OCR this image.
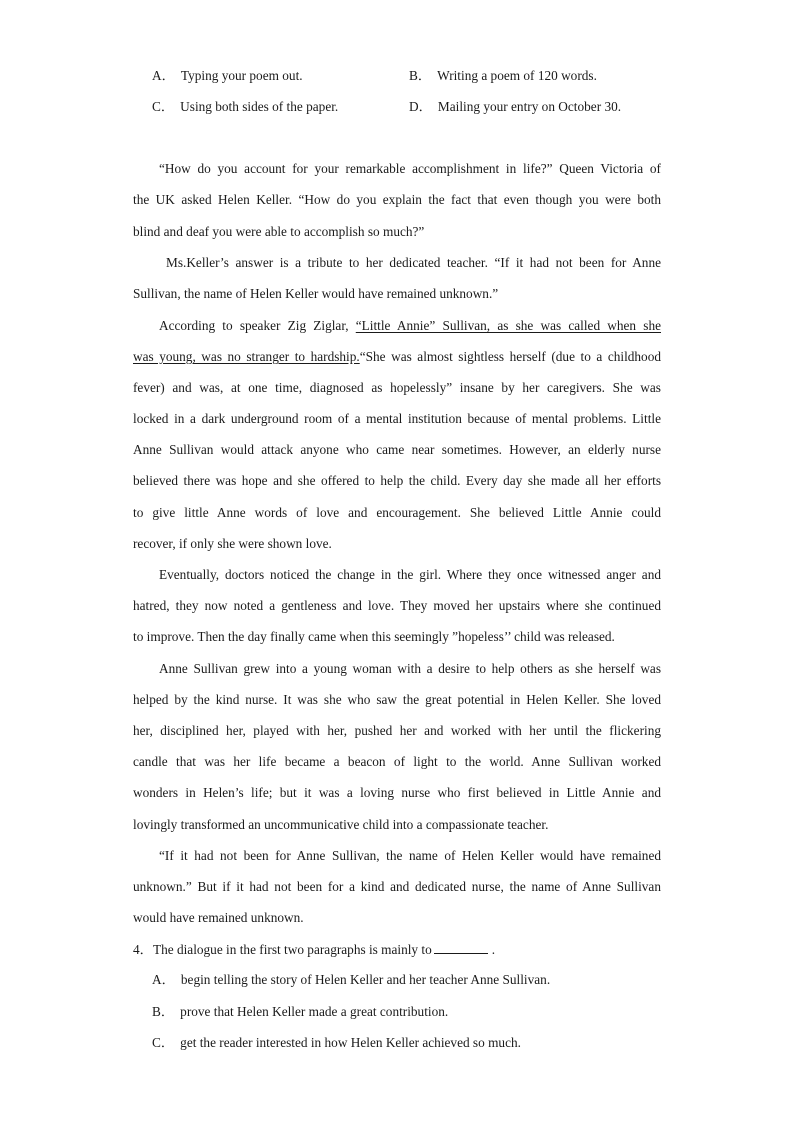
A． Typing your poem out.	B． Writing a poem of 120 words.
C． Using both sides of the paper.	D． Mailing your entry on October 30.
“How do you account for your remarkable accomplishment in life?” Queen Victoria of
the UK asked Helen Keller. “How do you explain the fact that even though you were both
blind and deaf you were able to accomplish so much?”
Ms.Keller’s answer is a tribute to her dedicated teacher. “If it had not been for Anne
Sullivan, the name of Helen Keller would have remained unknown.”
According to speaker Zig Ziglar, “Little Annie” Sullivan, as she was called when she
was young, was no stranger to hardship.“She was almost sightless herself (due to a childhood
fever) and was, at one time, diagnosed as hopelessly” insane by her caregivers. She was
locked in a dark underground room of a mental institution because of mental problems. Little
Anne Sullivan would attack anyone who came near sometimes. However, an elderly nurse
believed there was hope and she offered to help the child. Every day she made all her efforts
to give little Anne words of love and encouragement. She believed Little Annie could
recover, if only she were shown love.
Eventually, doctors noticed the change in the girl. Where they once witnessed anger and
hatred, they now noted a gentleness and love. They moved her upstairs where she continued
to improve. Then the day finally came when this seemingly ”hopeless’’ child was released.
Anne Sullivan grew into a young woman with a desire to help others as she herself was
helped by the kind nurse. It was she who saw the great potential in Helen Keller. She loved
her, disciplined her, played with her, pushed her and worked with her until the flickering
candle that was her life became a beacon of light to the world. Anne Sullivan worked
wonders in Helen’s life; but it was a loving nurse who first believed in Little Annie and
lovingly transformed an uncommunicative child into a compassionate teacher.
“If it had not been for Anne Sullivan, the name of Helen Keller would have remained
unknown.” But if it had not been for a kind and dedicated nurse, the name of Anne Sullivan
would have remained unknown.
4．The dialogue in the first two paragraphs is mainly to	.
A． begin telling the story of Helen Keller and her teacher Anne Sullivan.
B． prove that Helen Keller made a great contribution.
C． get the reader interested in how Helen Keller achieved so much.
